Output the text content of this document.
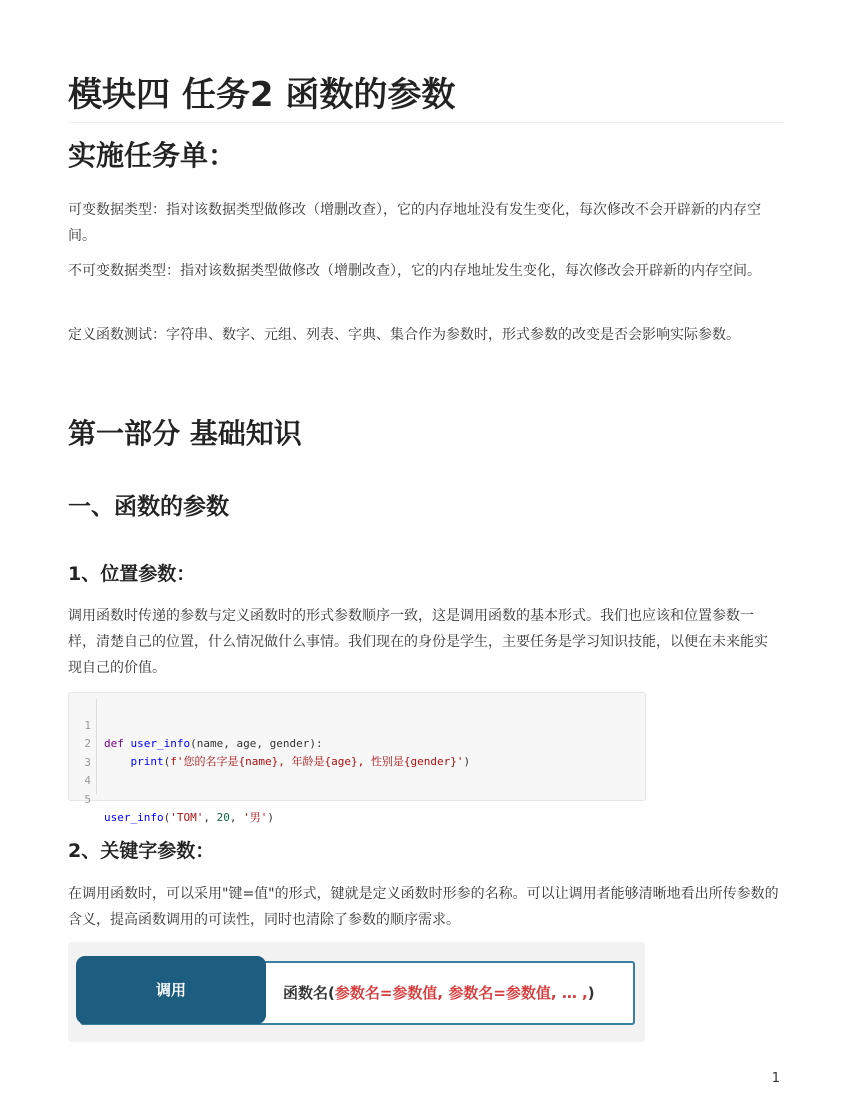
模块四 任务2 函数的参数
实施任务单：
可变数据类型：指对该数据类型做修改（增删改查），它的内存地址没有发生变化，每次修改不会开辟新的内存空间。
不可变数据类型：指对该数据类型做修改（增删改查），它的内存地址发生变化，每次修改会开辟新的内存空间。
定义函数测试：字符串、数字、元组、列表、字典、集合作为参数时，形式参数的改变是否会影响实际参数。
第一部分 基础知识
一、函数的参数
1、位置参数：
调用函数时传递的参数与定义函数时的形式参数顺序一致，这是调用函数的基本形式。我们也应该和位置参数一样，清楚自己的位置，什么情况做什么事情。我们现在的身份是学生，主要任务是学习知识技能，以便在未来能实现自己的价值。

1

def user_info(name, age, gender):

2

print(f'您的名字是{name}, 年龄是{age}, 性别是{gender}')

3

4

5

user_info('TOM', 20, '男')

2、关键字参数：
在调用函数时，可以采用"键=值"的形式，键就是定义函数时形参的名称。可以让调用者能够清晰地看出所传参数的含义，提高函数调用的可读性，同时也清除了参数的顺序需求。
调用	函数名(参数名=参数值, 参数名=参数值, … ,)
1
